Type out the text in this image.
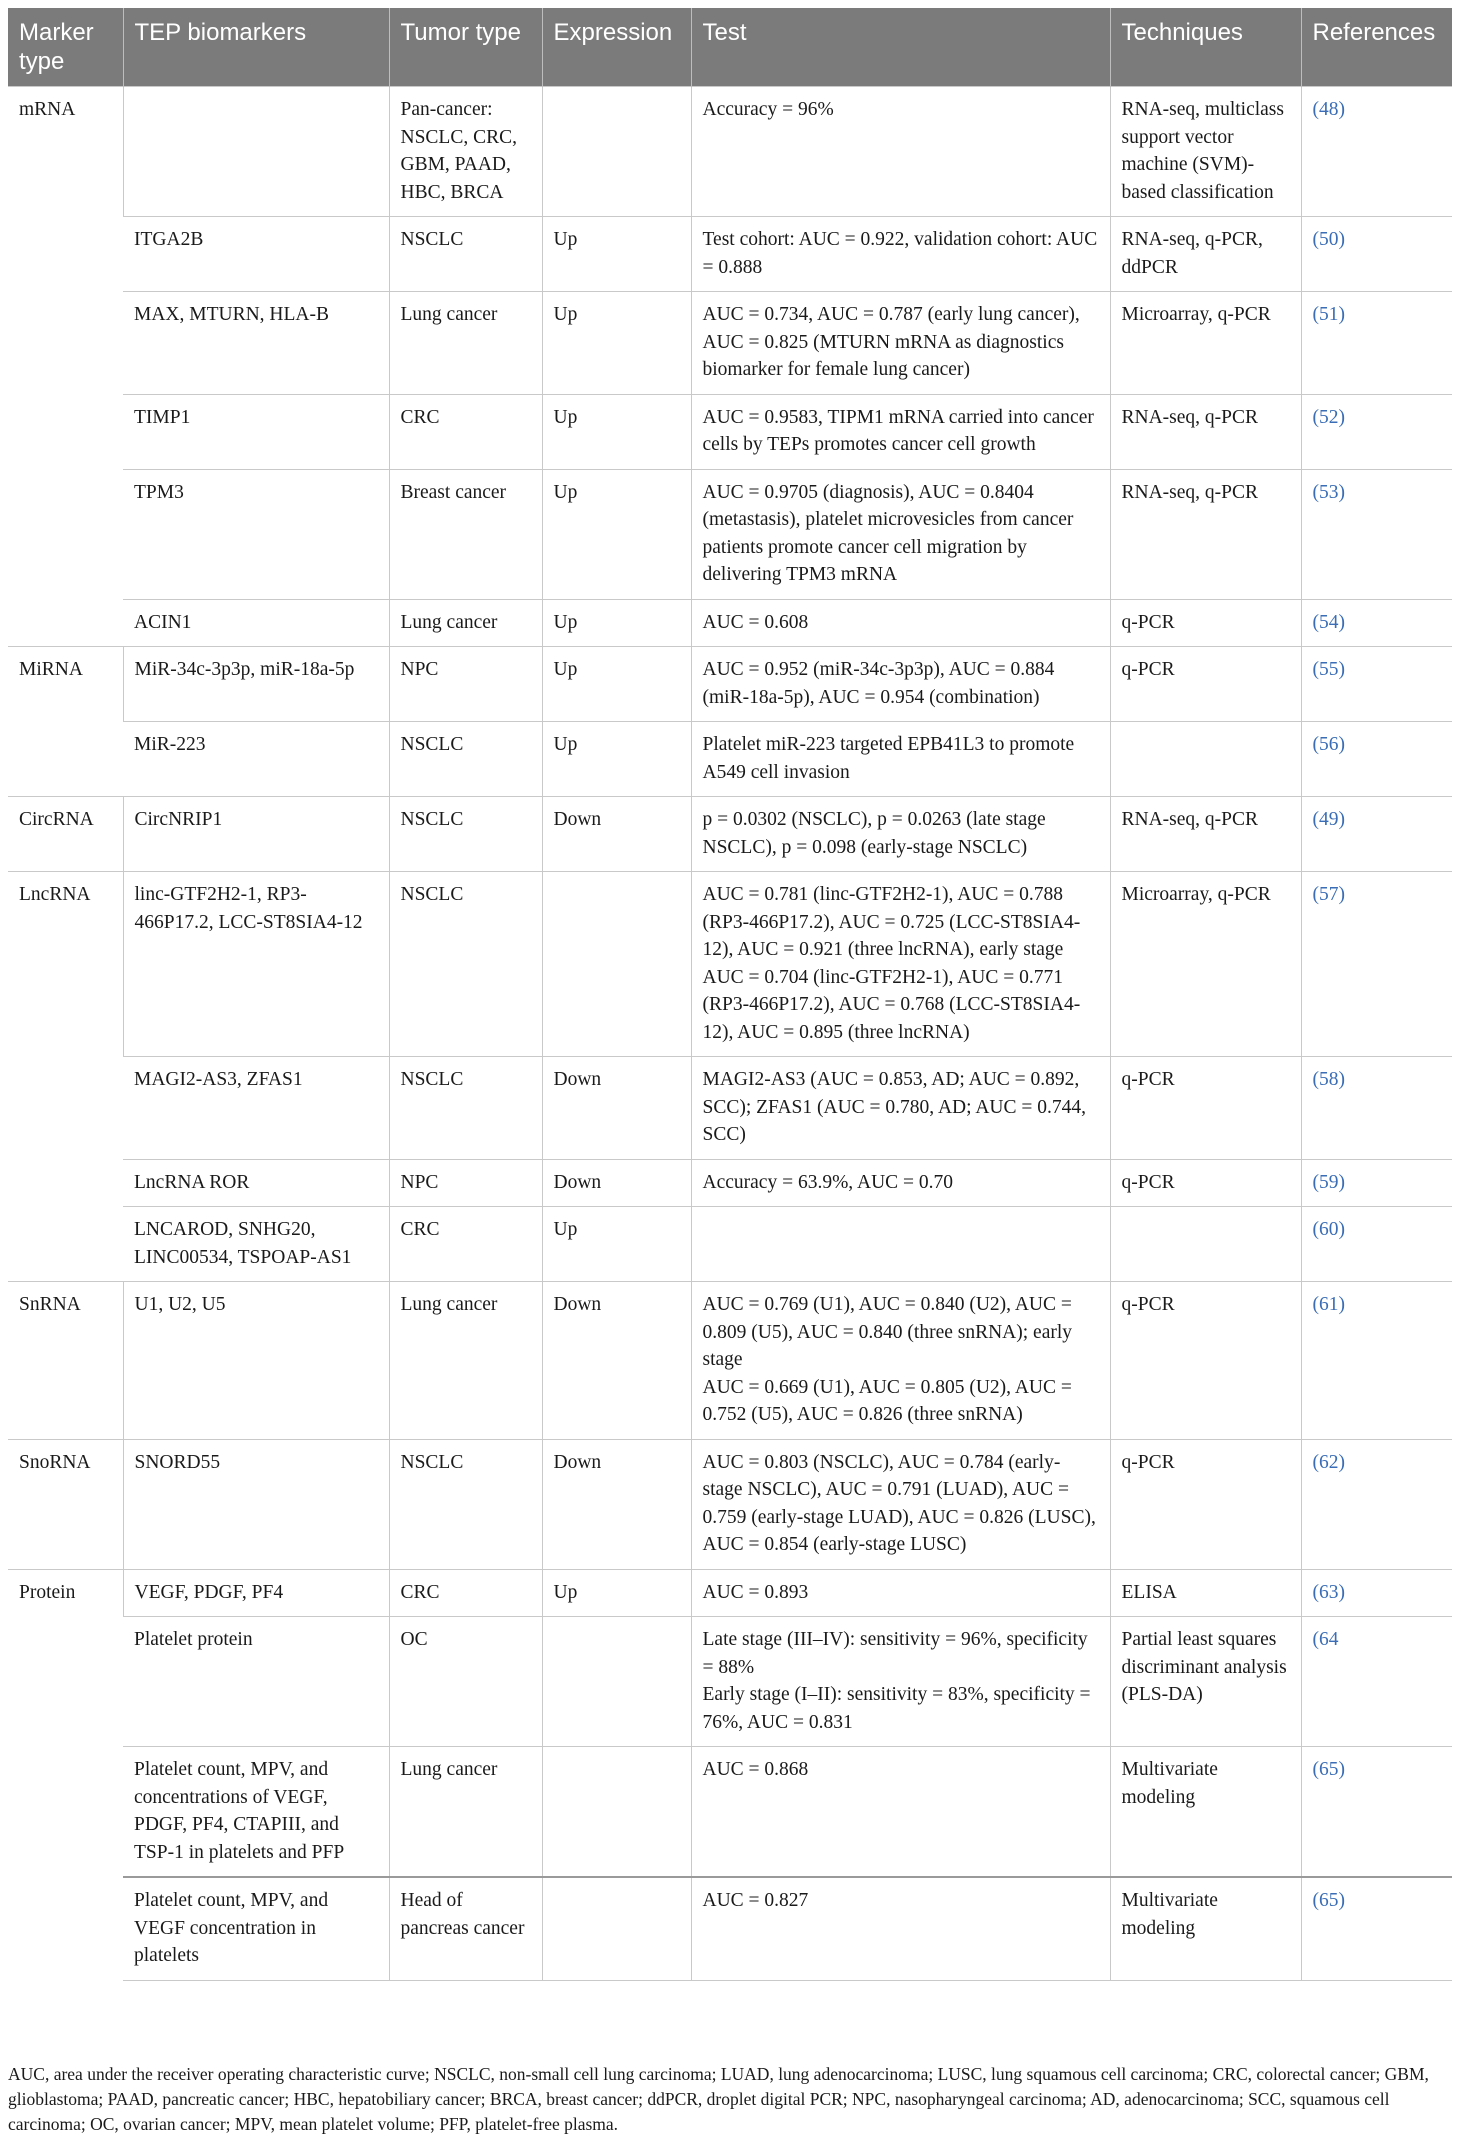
Marker type	TEP biomarkers	Tumor type	Expression	Test	Techniques	References
mRNA		Pan-cancer: NSCLC, CRC, GBM, PAAD, HBC, BRCA		Accuracy = 96%	RNA-seq, multiclass support vector machine (SVM)-based classification	(48)
	ITGA2B	NSCLC	Up	Test cohort: AUC = 0.922, validation cohort: AUC = 0.888	RNA-seq, q-PCR, ddPCR	(50)
	MAX, MTURN, HLA-B	Lung cancer	Up	AUC = 0.734, AUC = 0.787 (early lung cancer), AUC = 0.825 (MTURN mRNA as diagnostics biomarker for female lung cancer)	Microarray, q-PCR	(51)
	TIMP1	CRC	Up	AUC = 0.9583, TIPM1 mRNA carried into cancer cells by TEPs promotes cancer cell growth	RNA-seq, q-PCR	(52)
	TPM3	Breast cancer	Up	AUC = 0.9705 (diagnosis), AUC = 0.8404 (metastasis), platelet microvesicles from cancer patients promote cancer cell migration by delivering TPM3 mRNA	RNA-seq, q-PCR	(53)
	ACIN1	Lung cancer	Up	AUC = 0.608	q-PCR	(54)
MiRNA	MiR-34c-3p3p, miR-18a-5p	NPC	Up	AUC = 0.952 (miR-34c-3p3p), AUC = 0.884 (miR-18a-5p), AUC = 0.954 (combination)	q-PCR	(55)
	MiR-223	NSCLC	Up	Platelet miR-223 targeted EPB41L3 to promote A549 cell invasion		(56)
CircRNA	CircNRIP1	NSCLC	Down	p = 0.0302 (NSCLC), p = 0.0263 (late stage NSCLC), p = 0.098 (early-stage NSCLC)	RNA-seq, q-PCR	(49)
LncRNA	linc-GTF2H2-1, RP3-466P17.2, LCC-ST8SIA4-12	NSCLC		AUC = 0.781 (linc-GTF2H2-1), AUC = 0.788 (RP3-466P17.2), AUC = 0.725 (LCC-ST8SIA4-12), AUC = 0.921 (three lncRNA), early stage AUC = 0.704 (linc-GTF2H2-1), AUC = 0.771 (RP3-466P17.2), AUC = 0.768 (LCC-ST8SIA4-12), AUC = 0.895 (three lncRNA)	Microarray, q-PCR	(57)
	MAGI2-AS3, ZFAS1	NSCLC	Down	MAGI2-AS3 (AUC = 0.853, AD; AUC = 0.892, SCC); ZFAS1 (AUC = 0.780, AD; AUC = 0.744, SCC)	q-PCR	(58)
	LncRNA ROR	NPC	Down	Accuracy = 63.9%, AUC = 0.70	q-PCR	(59)
	LNCAROD, SNHG20, LINC00534, TSPOAP-AS1	CRC	Up			(60)
SnRNA	U1, U2, U5	Lung cancer	Down	AUC = 0.769 (U1), AUC = 0.840 (U2), AUC = 0.809 (U5), AUC = 0.840 (three snRNA); early stage
AUC = 0.669 (U1), AUC = 0.805 (U2), AUC = 0.752 (U5), AUC = 0.826 (three snRNA)	q-PCR	(61)
SnoRNA	SNORD55	NSCLC	Down	AUC = 0.803 (NSCLC), AUC = 0.784 (early-stage NSCLC), AUC = 0.791 (LUAD), AUC = 0.759 (early-stage LUAD), AUC = 0.826 (LUSC), AUC = 0.854 (early-stage LUSC)	q-PCR	(62)
Protein	VEGF, PDGF, PF4	CRC	Up	AUC = 0.893	ELISA	(63)
	Platelet protein	OC		Late stage (III–IV): sensitivity = 96%, specificity = 88%
Early stage (I–II): sensitivity = 83%, specificity = 76%, AUC = 0.831	Partial least squares discriminant analysis (PLS-DA)	(64
	Platelet count, MPV, and concentrations of VEGF, PDGF, PF4, CTAPIII, and TSP-1 in platelets and PFP	Lung cancer		AUC = 0.868	Multivariate modeling	(65)
	Platelet count, MPV, and VEGF concentration in platelets	Head of pancreas cancer		AUC = 0.827	Multivariate modeling	(65)
AUC, area under the receiver operating characteristic curve; NSCLC, non-small cell lung carcinoma; LUAD, lung adenocarcinoma; LUSC, lung squamous cell carcinoma; CRC, colorectal cancer; GBM, glioblastoma; PAAD, pancreatic cancer; HBC, hepatobiliary cancer; BRCA, breast cancer; ddPCR, droplet digital PCR; NPC, nasopharyngeal carcinoma; AD, adenocarcinoma; SCC, squamous cell carcinoma; OC, ovarian cancer; MPV, mean platelet volume; PFP, platelet-free plasma.
